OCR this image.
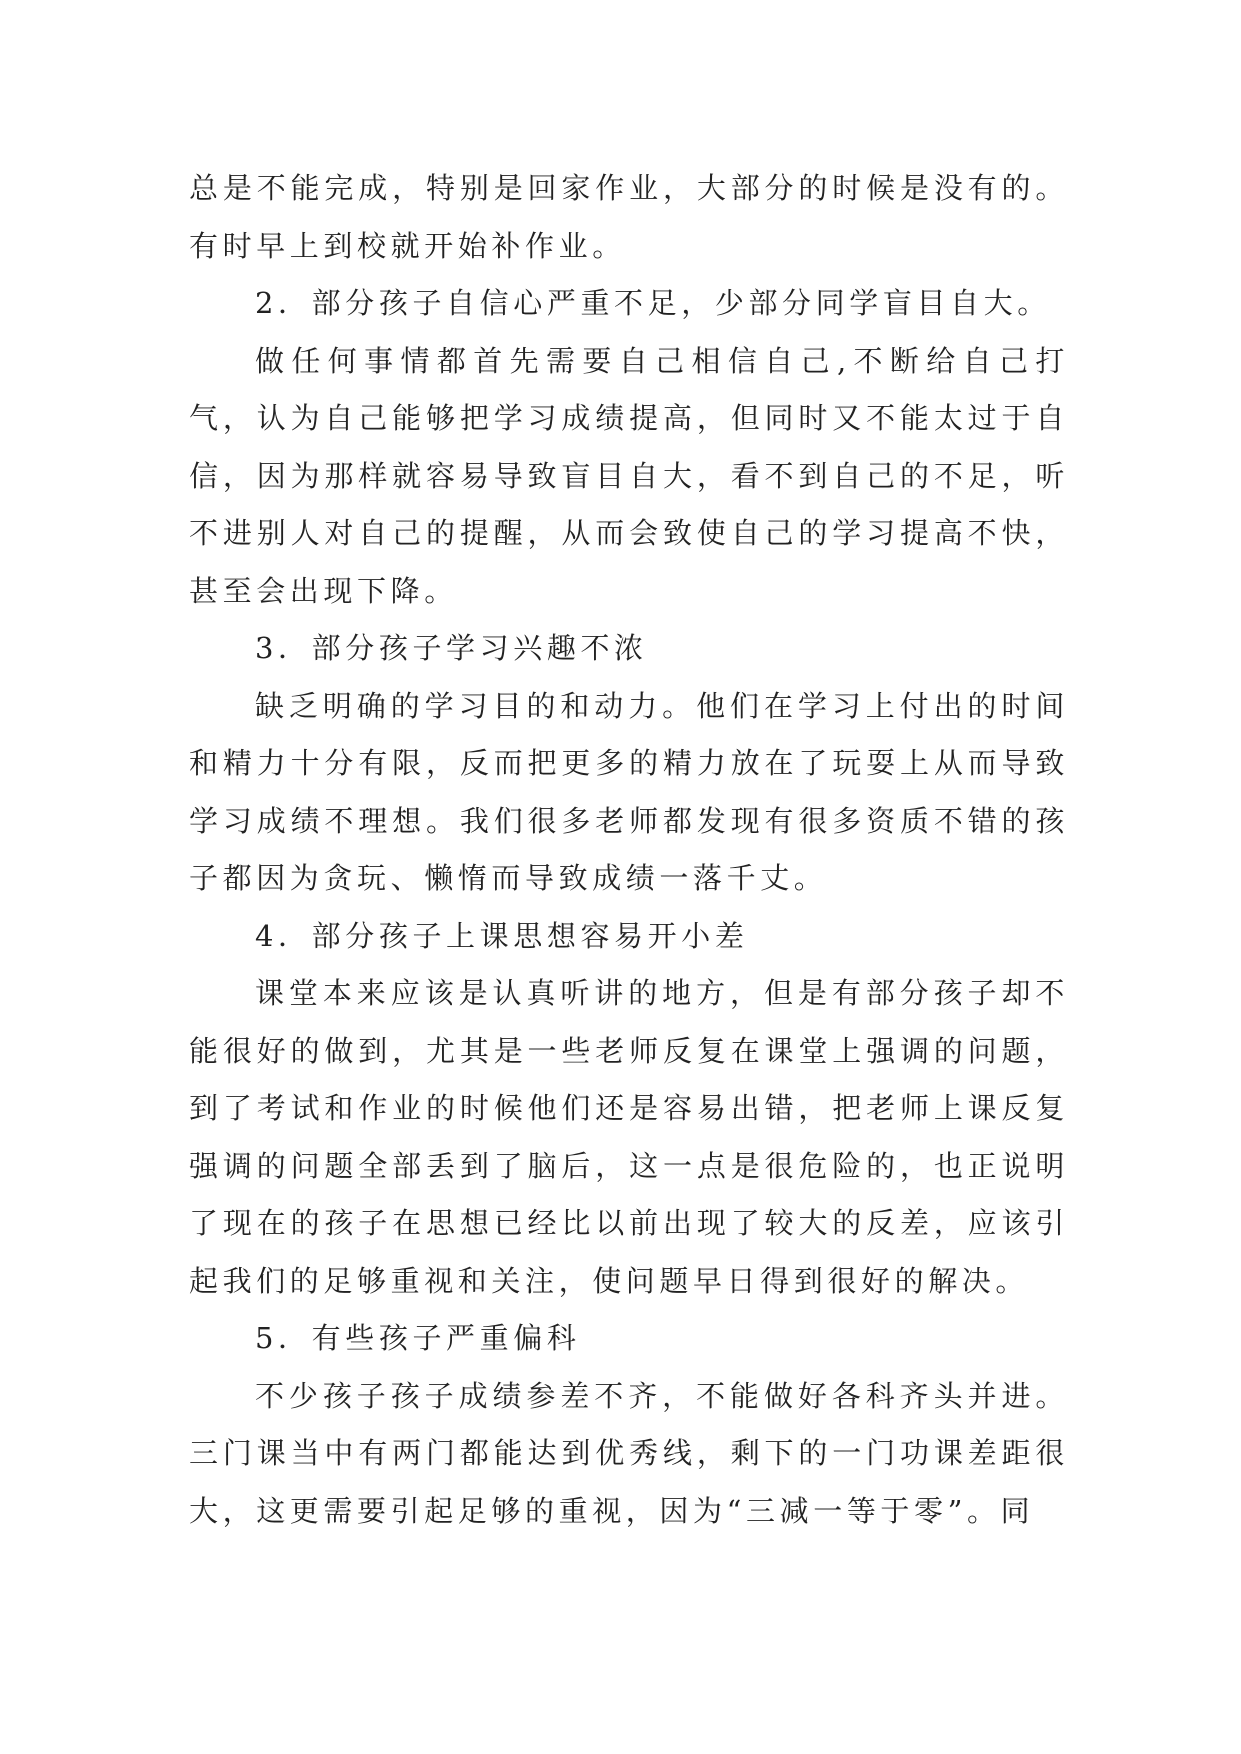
总是不能完成，特别是回家作业，大部分的时候是没有的。有时早上到校就开始补作业。

2．部分孩子自信心严重不足，少部分同学盲目自大。

做任何事情都首先需要自己相信自己,不断给自己打气，认为自己能够把学习成绩提高，但同时又不能太过于自信，因为那样就容易导致盲目自大，看不到自己的不足，听不进别人对自己的提醒，从而会致使自己的学习提高不快，甚至会出现下降。

3．部分孩子学习兴趣不浓

缺乏明确的学习目的和动力。他们在学习上付出的时间和精力十分有限，反而把更多的精力放在了玩耍上从而导致学习成绩不理想。我们很多老师都发现有很多资质不错的孩子都因为贪玩、懒惰而导致成绩一落千丈。

4．部分孩子上课思想容易开小差

课堂本来应该是认真听讲的地方，但是有部分孩子却不能很好的做到，尤其是一些老师反复在课堂上强调的问题，到了考试和作业的时候他们还是容易出错，把老师上课反复强调的问题全部丢到了脑后，这一点是很危险的，也正说明了现在的孩子在思想已经比以前出现了较大的反差，应该引起我们的足够重视和关注，使问题早日得到很好的解决。

5．有些孩子严重偏科

不少孩子孩子成绩参差不齐，不能做好各科齐头并进。三门课当中有两门都能达到优秀线，剩下的一门功课差距很大，这更需要引起足够的重视，因为“三减一等于零”。同
